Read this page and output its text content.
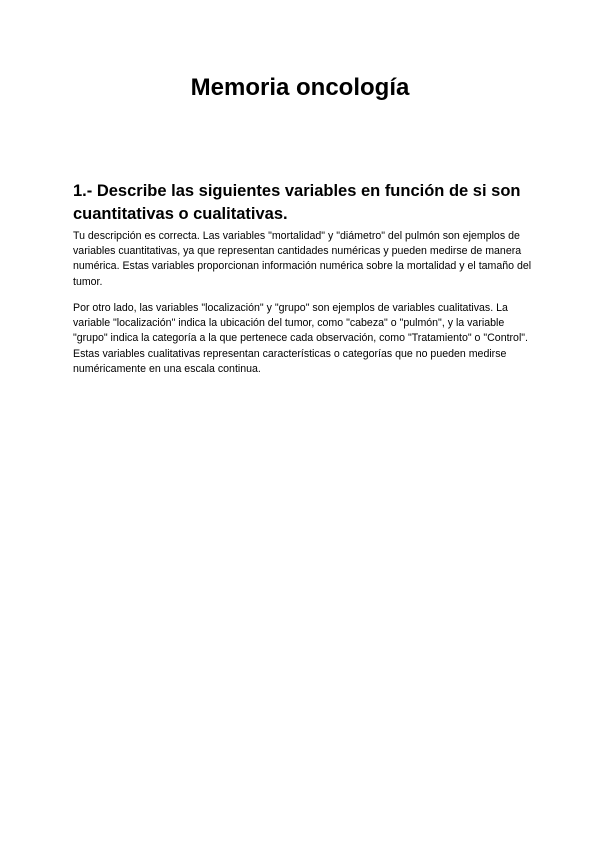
Memoria oncología
1.- Describe las siguientes variables en función de si son cuantitativas o cualitativas.

Tu descripción es correcta. Las variables "mortalidad" y "diámetro" del pulmón son ejemplos de variables cuantitativas, ya que representan cantidades numéricas y pueden medirse de manera numérica. Estas variables proporcionan información numérica sobre la mortalidad y el tamaño del tumor.

Por otro lado, las variables "localización" y "grupo" son ejemplos de variables cualitativas. La variable "localización" indica la ubicación del tumor, como "cabeza" o "pulmón", y la variable "grupo" indica la categoría a la que pertenece cada observación, como "Tratamiento" o "Control". Estas variables cualitativas representan características o categorías que no pueden medirse numéricamente en una escala continua.
